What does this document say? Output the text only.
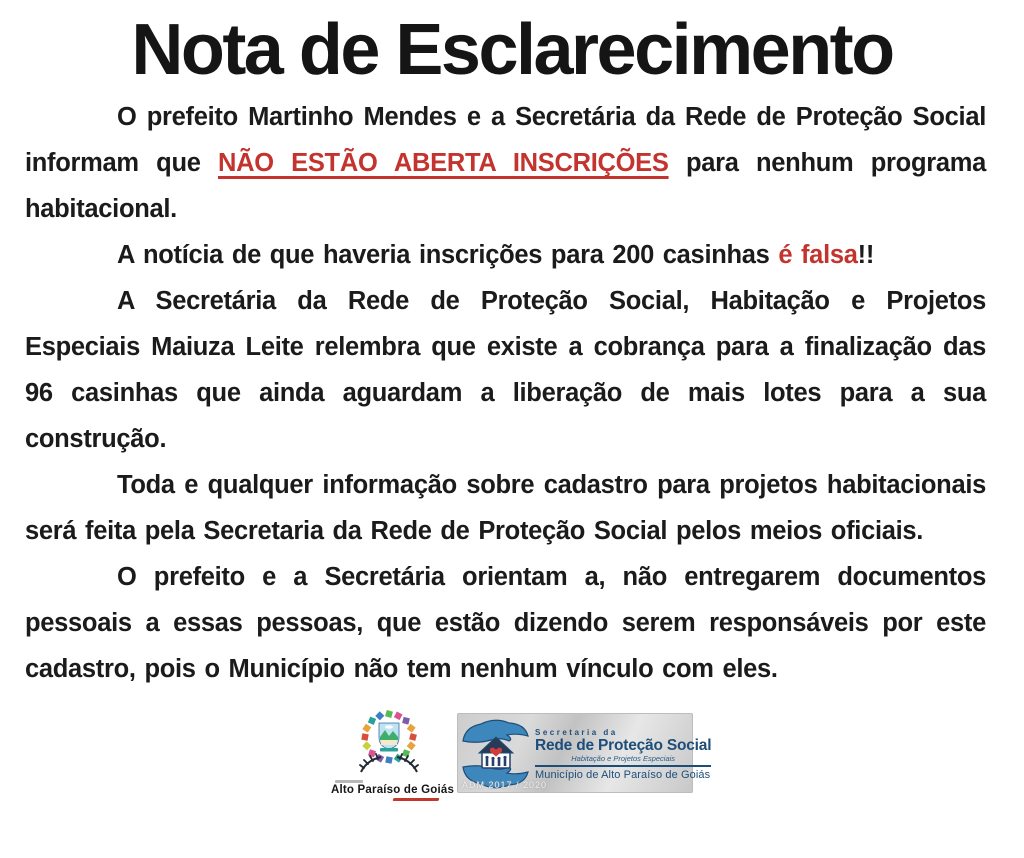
Nota de Esclarecimento

O prefeito Martinho Mendes e a Secretária da Rede de Proteção Social informam que NÃO ESTÃO ABERTA INSCRIÇÕES para nenhum programa habitacional.

A notícia de que haveria inscrições para 200 casinhas é falsa!!

A Secretária da Rede de Proteção Social, Habitação e Projetos Especiais Maiuza Leite relembra que existe a cobrança para a finalização das 96 casinhas que ainda aguardam a liberação de mais lotes para a sua construção.

Toda e qualquer informação sobre cadastro para projetos habitacionais será feita pela Secretaria da Rede de Proteção Social pelos meios oficiais.

O prefeito e a Secretária orientam a, não entregarem documentos pessoais a essas pessoas, que estão dizendo serem responsáveis por este cadastro, pois o Município não tem nenhum vínculo com eles.

Alto Paraíso de Goiás
Secretaria da
Rede de Proteção Social
Habitação e Projetos Especiais
Município de Alto Paraíso de Goiás
ADM 2017 / 2020
